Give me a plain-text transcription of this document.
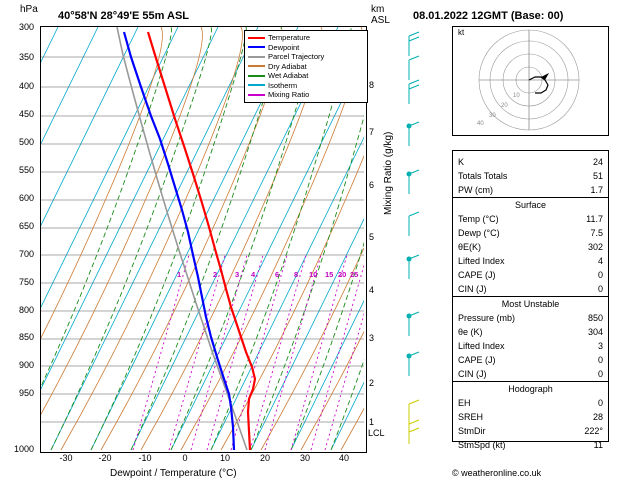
hPa
40°58'N 28°49'E 55m ASL
km
ASL 08.01.2022 12GMT (Base: 00)
1	2 3 4	6 8 10 15 20 25
Temperature
Dewpoint
Parcel Trajectory
Dry Adiabat
Wet Adiabat
Isotherm
Mixing Ratio
300
350
400
450
500
550
600
650
700
750
800
850
900
950
1000
-30	-20	-10	0	10	20	30	40
Dewpoint / Temperature (°C)
Mixing Ratio (g/kg)
8
7
6
5
4
3
2
1
LCL
10
20
30
40
kt
K	24
Totals Totals	51
PW (cm)	1.7
Surface
Temp (°C)	11.7
Dewp (°C)	7.5
θE(K)	302
Lifted Index	4
CAPE (J)	0
CIN (J)	0
Most Unstable
Pressure (mb)	850
θe (K)	304
Lifted Index	3
CAPE (J)	0
CIN (J)	0
Hodograph
EH	0
SREH	28
StmDir	222°
StmSpd (kt)	11
© weatheronline.co.uk
